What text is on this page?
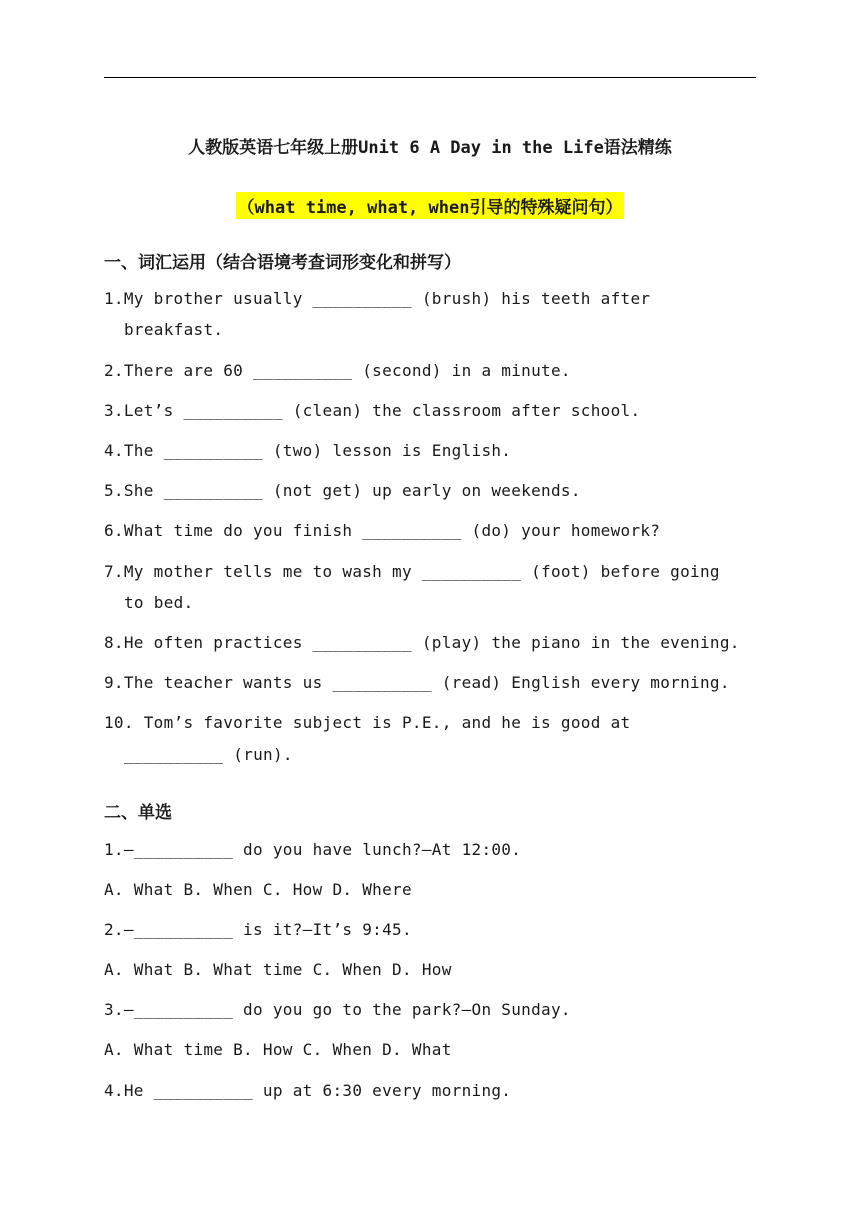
人教版英语七年级上册Unit 6 A Day in the Life语法精练
（what time, what, when引导的特殊疑问句）
一、词汇运用（结合语境考查词形变化和拼写）
1.My brother usually __________ (brush) his teeth after
breakfast.
2.There are 60 __________ (second) in a minute.
3.Let’s __________ (clean) the classroom after school.
4.The __________ (two) lesson is English.
5.She __________ (not get) up early on weekends.
6.What time do you finish __________ (do) your homework?
7.My mother tells me to wash my __________ (foot) before going
to bed.
8.He often practices __________ (play) the piano in the evening.
9.The teacher wants us __________ (read) English every morning.
10. Tom’s favorite subject is P.E., and he is good at
__________ (run).
二、单选
1.—__________ do you have lunch?—At 12:00.
A. What B. When C. How D. Where
2.—__________ is it?—It’s 9:45.
A. What B. What time C. When D. How
3.—__________ do you go to the park?—On Sunday.
A. What time B. How C. When D. What
4.He __________ up at 6:30 every morning.
